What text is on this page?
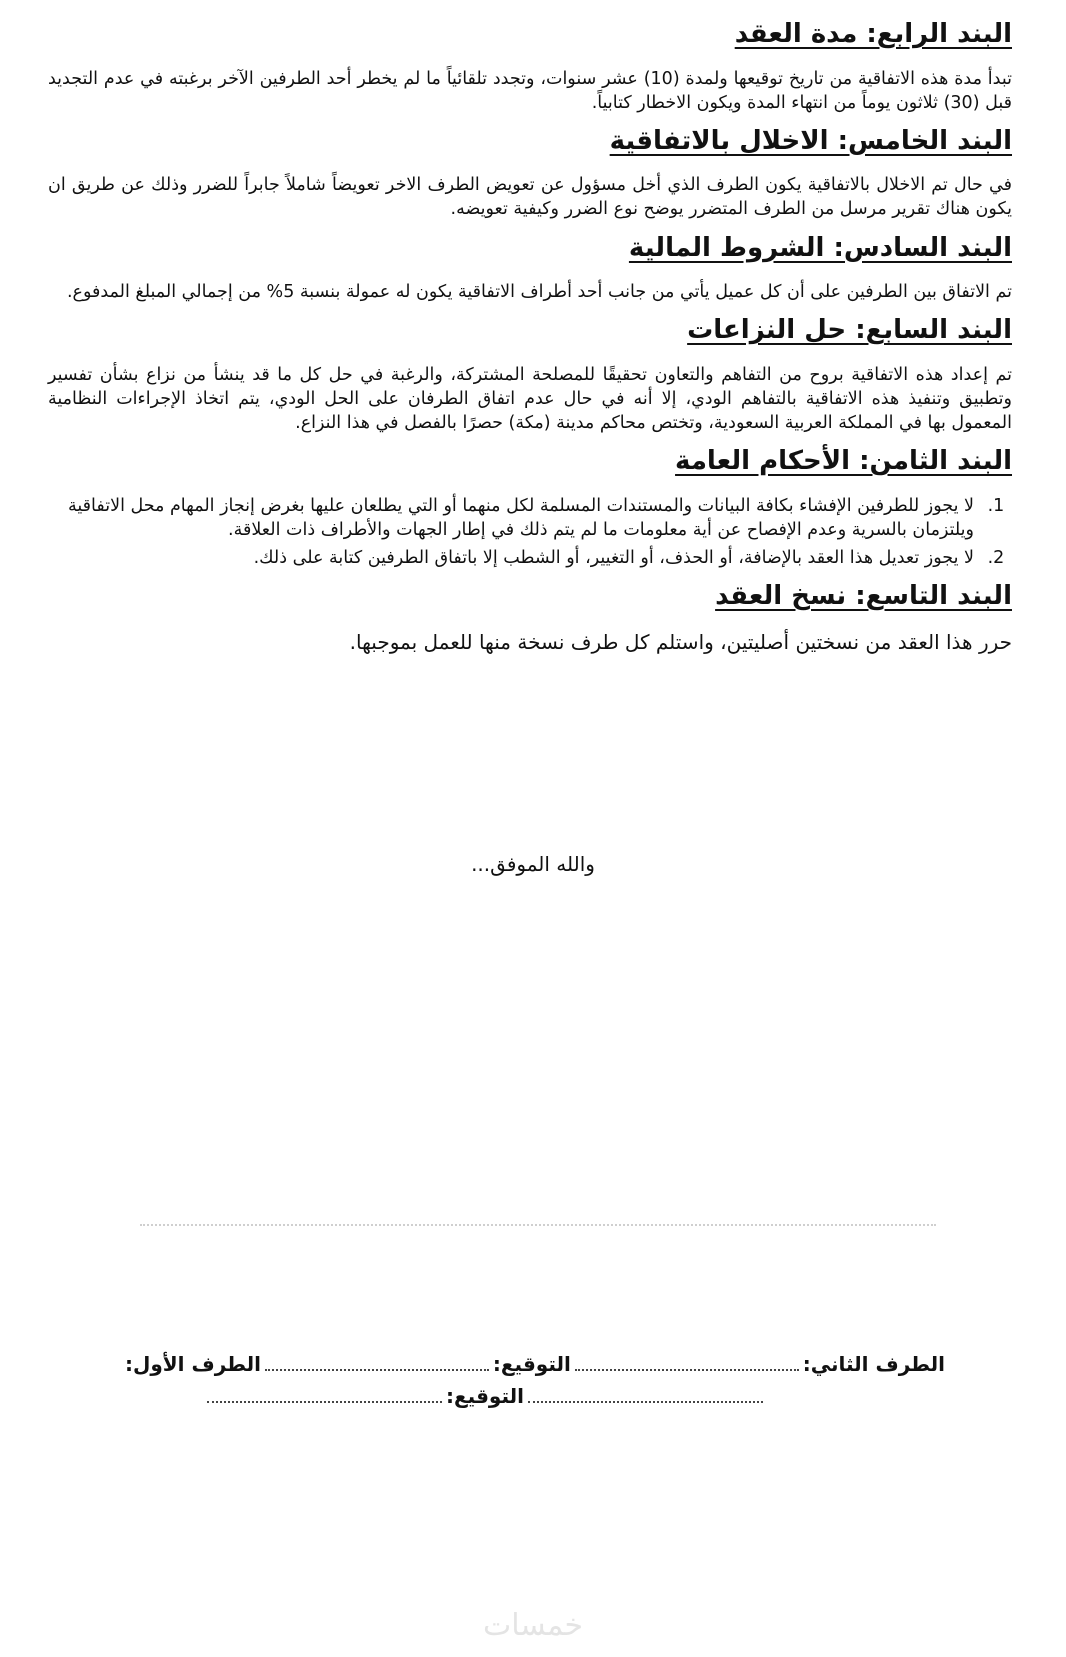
البند الرابع: مدة العقد

تبدأ مدة هذه الاتفاقية من تاريخ توقيعها ولمدة (10) عشر سنوات، وتجدد تلقائياً ما لم يخطر أحد الطرفين الآخر برغبته في عدم التجديد قبل (30) ثلاثون يوماً من انتهاء المدة ويكون الاخطار كتابياً.

البند الخامس: الاخلال بالاتفاقية

في حال تم الاخلال بالاتفاقية يكون الطرف الذي أخل مسؤول عن تعويض الطرف الاخر تعويضاً شاملاً جابراً للضرر وذلك عن طريق ان يكون هناك تقرير مرسل من الطرف المتضرر يوضح نوع الضرر وكيفية تعويضه.

البند السادس: الشروط المالية

تم الاتفاق بين الطرفين على أن كل عميل يأتي من جانب أحد أطراف الاتفاقية يكون له عمولة بنسبة 5% من إجمالي المبلغ المدفوع.

البند السابع: حل النزاعات

تم إعداد هذه الاتفاقية بروح من التفاهم والتعاون تحقيقًا للمصلحة المشتركة، والرغبة في حل كل ما قد ينشأ من نزاع بشأن تفسير وتطبيق وتنفيذ هذه الاتفاقية بالتفاهم الودي، إلا أنه في حال عدم اتفاق الطرفان على الحل الودي، يتم اتخاذ الإجراءات النظامية المعمول بها في المملكة العربية السعودية، وتختص محاكم مدينة (مكة) حصرًا بالفصل في هذا النزاع.

البند الثامن: الأحكام العامة
1. لا يجوز للطرفين الإفشاء بكافة البيانات والمستندات المسلمة لكل منهما أو التي يطلعان عليها بغرض إنجاز المهام محل الاتفاقية ويلتزمان بالسرية وعدم الإفصاح عن أية معلومات ما لم يتم ذلك في إطار الجهات والأطراف ذات العلاقة.
2. لا يجوز تعديل هذا العقد بالإضافة، أو الحذف، أو التغيير، أو الشطب إلا باتفاق الطرفين كتابة على ذلك.
البند التاسع: نسخ العقد

حرر هذا العقد من نسختين أصليتين، واستلم كل طرف نسخة منها للعمل بموجبها.

والله الموفق...
الطرف الثاني:
التوقيع:
الطرف الأول:
التوقيع:
خمسات
